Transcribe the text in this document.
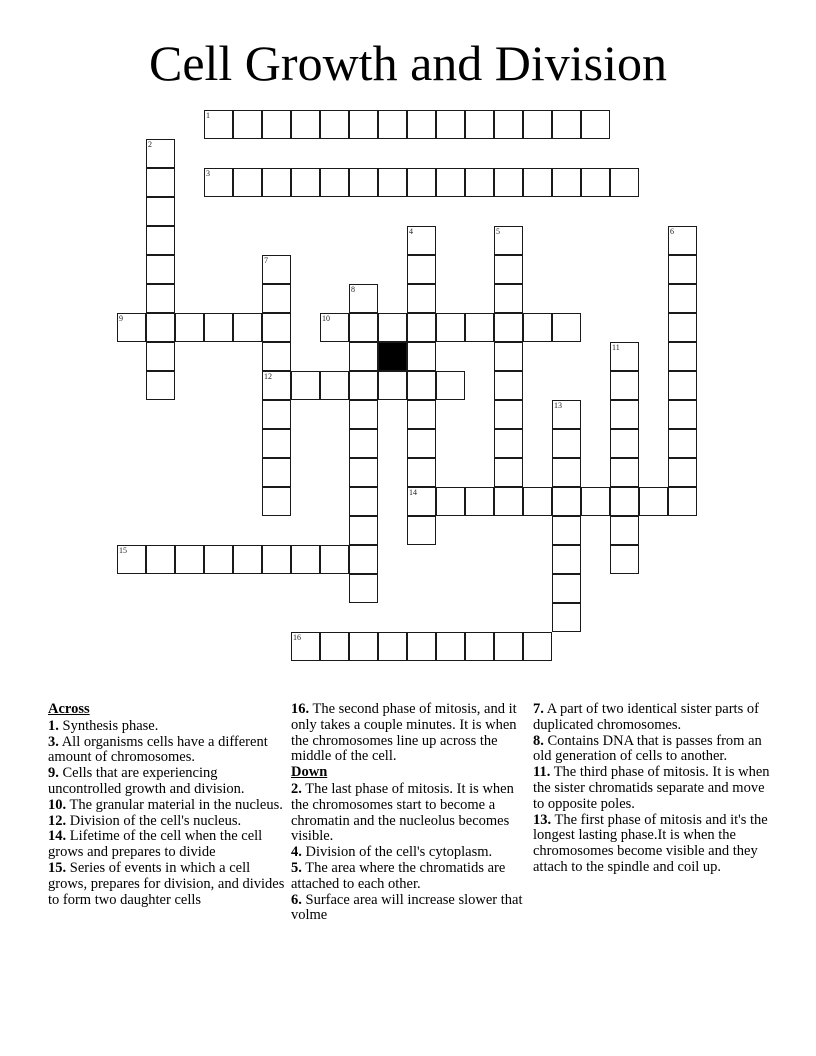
Cell Growth and Division
1
2
3
4
14
5	6
7
12
8
9	10
11
13
15
16
Across
1. Synthesis phase.
3. All organisms cells have a different amount of chromosomes.
9. Cells that are experiencing uncontrolled growth and division.
10. The granular material in the nucleus.
12. Division of the cell's nucleus.
14. Lifetime of the cell when the cell grows and prepares to divide
15. Series of events in which a cell grows, prepares for division, and divides to form two daughter cells
16. The second phase of mitosis, and it only takes a couple minutes. It is when the chromosomes line up across the middle of the cell.
Down
2. The last phase of mitosis. It is when the chromosomes start to become a chromatin and the nucleolus becomes visible.
4. Division of the cell's cytoplasm.
5. The area where the chromatids are attached to each other.
6. Surface area will increase slower that volme
7. A part of two identical sister parts of duplicated chromosomes.
8. Contains DNA that is passes from an old generation of cells to another.
11. The third phase of mitosis. It is when the sister chromatids separate and move to opposite poles.
13. The first phase of mitosis and it's the longest lasting phase.It is when the chromosomes become visible and they attach to the spindle and coil up.
